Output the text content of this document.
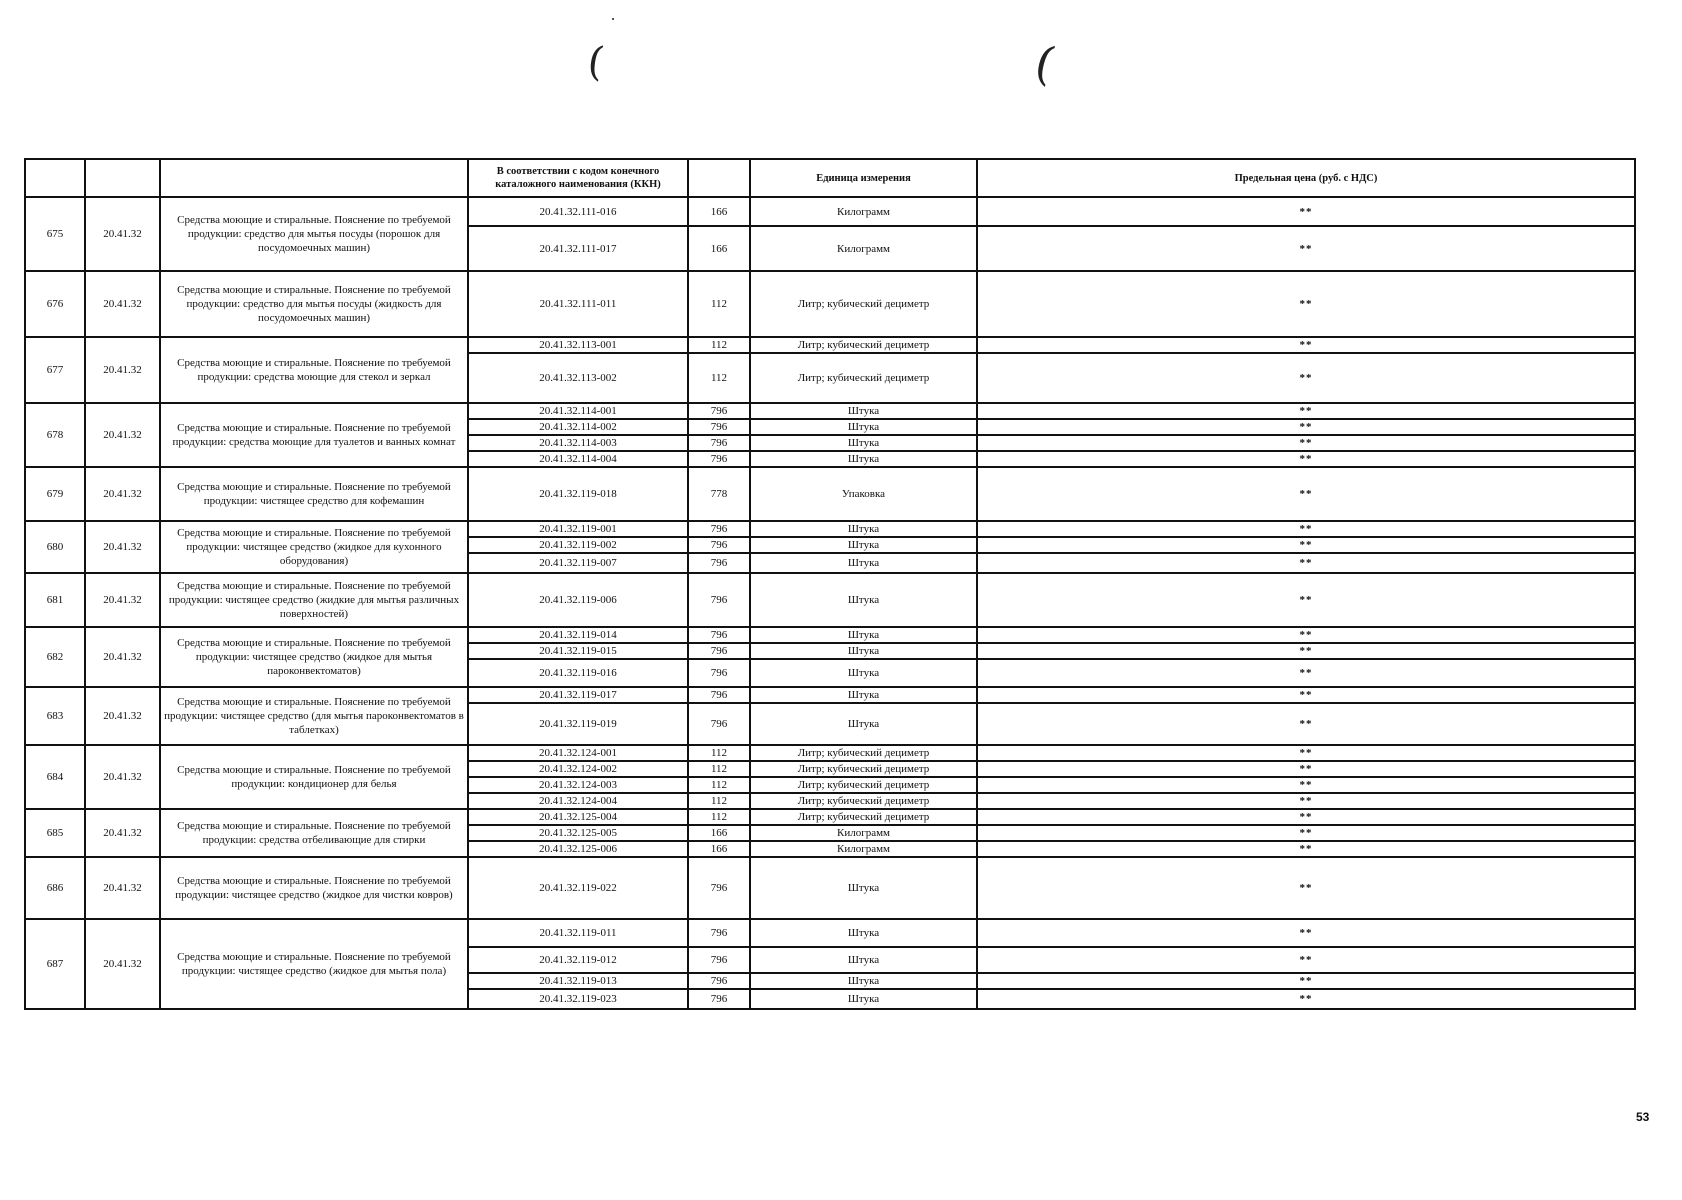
(	(
			В соответствии с кодом конечного каталожного наименования (ККН)		Единица измерения	Предельная цена (руб. с НДС)
675	20.41.32	Средства моющие и стиральные. Пояснение по требуемой продукции: средство для мытья посуды (порошок для посудомоечных машин)	20.41.32.111-016	166	Килограмм	**
			20.41.32.111-017	166	Килограмм	**
676	20.41.32	Средства моющие и стиральные. Пояснение по требуемой продукции: средство для мытья посуды (жидкость для посудомоечных машин)	20.41.32.111-011	112	Литр; кубический дециметр	**
677	20.41.32	Средства моющие и стиральные. Пояснение по требуемой продукции: средства моющие для стекол и зеркал	20.41.32.113-001	112	Литр; кубический дециметр	**
			20.41.32.113-002	112	Литр; кубический дециметр	**
678	20.41.32	Средства моющие и стиральные. Пояснение по требуемой продукции: средства моющие для туалетов и ванных комнат	20.41.32.114-001	796	Штука	**
			20.41.32.114-002	796	Штука	**
			20.41.32.114-003	796	Штука	**
			20.41.32.114-004	796	Штука	**
679	20.41.32	Средства моющие и стиральные. Пояснение по требуемой продукции: чистящее средство для кофемашин	20.41.32.119-018	778	Упаковка	**
680	20.41.32	Средства моющие и стиральные. Пояснение по требуемой продукции: чистящее средство (жидкое для кухонного оборудования)	20.41.32.119-001	796	Штука	**
			20.41.32.119-002	796	Штука	**
			20.41.32.119-007	796	Штука	**
681	20.41.32	Средства моющие и стиральные. Пояснение по требуемой продукции: чистящее средство (жидкие для мытья различных поверхностей)	20.41.32.119-006	796	Штука	**
682	20.41.32	Средства моющие и стиральные. Пояснение по требуемой продукции: чистящее средство (жидкое для мытья пароконвектоматов)	20.41.32.119-014	796	Штука	**
			20.41.32.119-015	796	Штука	**
			20.41.32.119-016	796	Штука	**
683	20.41.32	Средства моющие и стиральные. Пояснение по требуемой продукции: чистящее средство (для мытья пароконвектоматов в таблетках)	20.41.32.119-017	796	Штука	**
			20.41.32.119-019	796	Штука	**
684	20.41.32	Средства моющие и стиральные. Пояснение по требуемой продукции: кондиционер для белья	20.41.32.124-001	112	Литр; кубический дециметр	**
			20.41.32.124-002	112	Литр; кубический дециметр	**
			20.41.32.124-003	112	Литр; кубический дециметр	**
			20.41.32.124-004	112	Литр; кубический дециметр	**
685	20.41.32	Средства моющие и стиральные. Пояснение по требуемой продукции: средства отбеливающие для стирки	20.41.32.125-004	112	Литр; кубический дециметр	**
			20.41.32.125-005	166	Килограмм	**
			20.41.32.125-006	166	Килограмм	**
686	20.41.32	Средства моющие и стиральные. Пояснение по требуемой продукции: чистящее средство (жидкое для чистки ковров)	20.41.32.119-022	796	Штука	**
687	20.41.32	Средства моющие и стиральные. Пояснение по требуемой продукции: чистящее средство (жидкое для мытья пола)	20.41.32.119-011	796	Штука	**
			20.41.32.119-012	796	Штука	**
			20.41.32.119-013	796	Штука	**
			20.41.32.119-023	796	Штука	**
53
